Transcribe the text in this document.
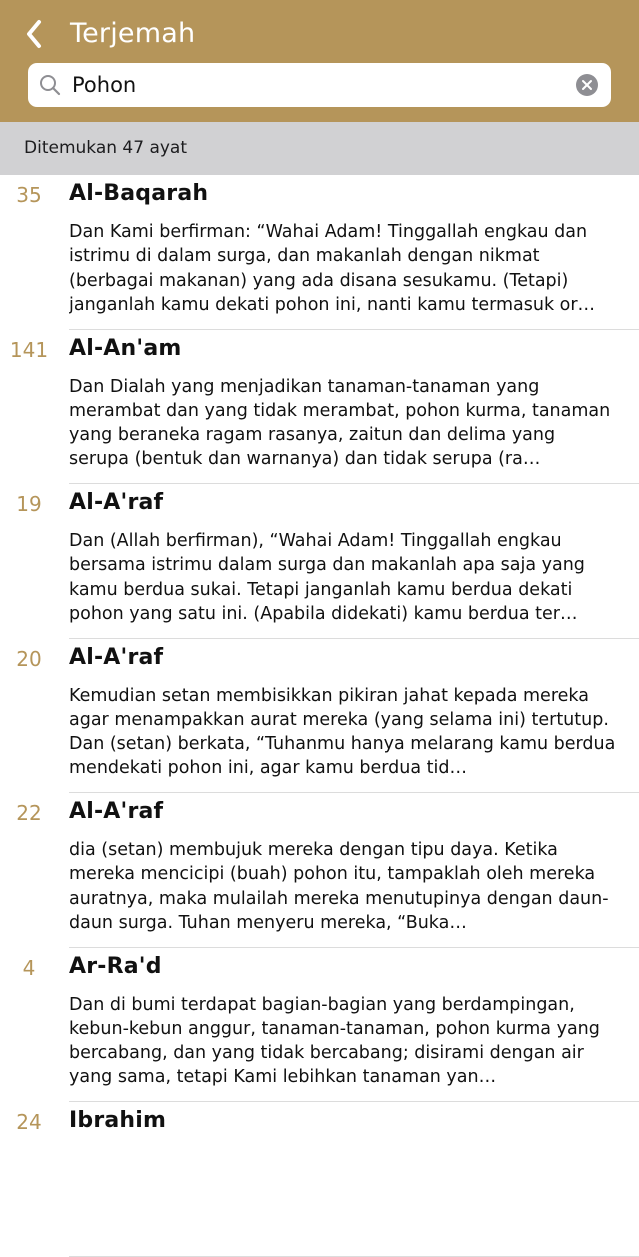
Terjemah
Pohon
Ditemukan 47 ayat
35	Al-Baqarah
Dan Kami berfirman: “Wahai Adam! Tinggallah engkau dan istrimu di dalam surga, dan makanlah dengan nikmat (berbagai makanan) yang ada disana sesukamu. (Tetapi) janganlah kamu dekati pohon ini, nanti kamu termasuk or…
141 Al-An'am
Dan Dialah yang menjadikan tanaman-tanaman yang merambat dan yang tidak merambat, pohon kurma, tanaman yang beraneka ragam rasanya, zaitun dan delima yang serupa (bentuk dan warnanya) dan tidak serupa (ra…
19	Al-A'raf
Dan (Allah berfirman), “Wahai Adam! Tinggallah engkau bersama istrimu dalam surga dan makanlah apa saja yang kamu berdua sukai. Tetapi janganlah kamu berdua dekati pohon yang satu ini. (Apabila didekati) kamu berdua ter…
20	Al-A'raf
Kemudian setan membisikkan pikiran jahat kepada mereka agar menampakkan aurat mereka (yang selama ini) tertutup. Dan (setan) berkata, “Tuhanmu hanya melarang kamu berdua mendekati pohon ini, agar kamu berdua tid…
22	Al-A'raf
dia (setan) membujuk mereka dengan tipu daya. Ketika mereka mencicipi (buah) pohon itu, tampaklah oleh mereka auratnya, maka mulailah mereka menutupinya dengan daun-daun surga. Tuhan menyeru mereka, “Buka…
4	Ar-Ra'd
Dan di bumi terdapat bagian-bagian yang berdampingan, kebun-kebun anggur, tanaman-tanaman, pohon kurma yang bercabang, dan yang tidak bercabang; disirami dengan air yang sama, tetapi Kami lebihkan tanaman yan…
24	Ibrahim
